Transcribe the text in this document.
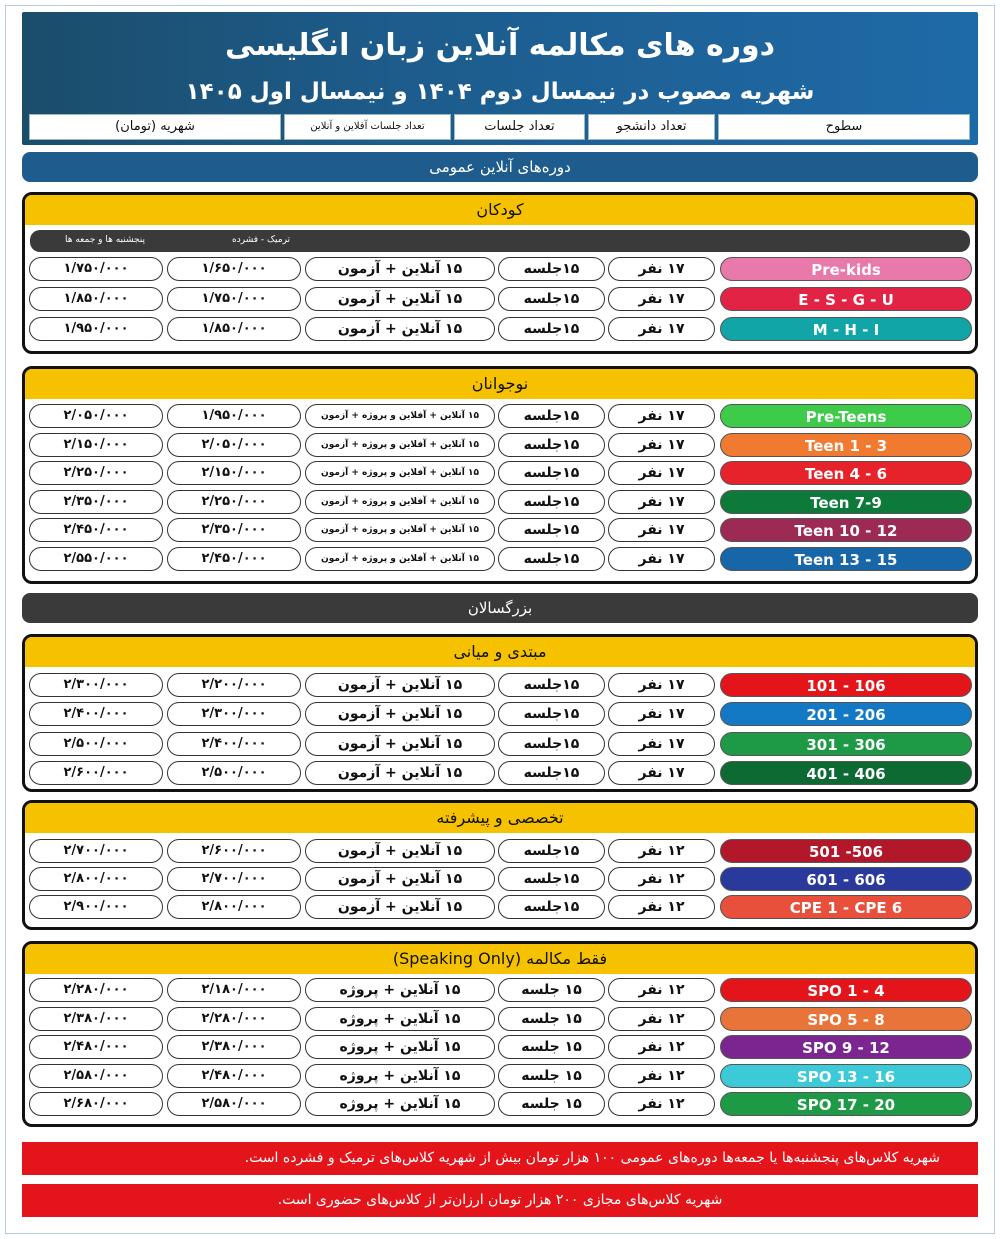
دوره های مکالمه آنلاین زبان انگلیسی
شهریه مصوب در نیمسال دوم ۱۴۰۴ و نیمسال اول ۱۴۰۵
سطوح
تعداد دانشجو
تعداد جلسات
تعداد جلسات آفلاین و آنلاین
شهریه (تومان)
دوره‌های آنلاین عمومی
کودکان
ترمیک - فشرده
پنجشنبه ها و جمعه ها
نوجوانان
بزرگسالان
مبتدی و میانی
تخصصی و پیشرفته
فقط مکالمه (Speaking Only)
Pre-kids
۱۷ نفر
۱۵جلسه
۱۵ آنلاین + آزمون
۱/۶۵۰/۰۰۰
۱/۷۵۰/۰۰۰
E - S - G - U
۱۷ نفر
۱۵جلسه
۱۵ آنلاین + آزمون
۱/۷۵۰/۰۰۰
۱/۸۵۰/۰۰۰
M - H - I
۱۷ نفر
۱۵جلسه
۱۵ آنلاین + آزمون
۱/۸۵۰/۰۰۰
۱/۹۵۰/۰۰۰
Pre-Teens
۱۷ نفر
۱۵جلسه
۱۵ آنلاین + آفلاین و پروژه + آزمون
۱/۹۵۰/۰۰۰
۲/۰۵۰/۰۰۰
Teen 1 - 3
۱۷ نفر
۱۵جلسه
۱۵ آنلاین + آفلاین و پروژه + آزمون
۲/۰۵۰/۰۰۰
۲/۱۵۰/۰۰۰
Teen 4 - 6
۱۷ نفر
۱۵جلسه
۱۵ آنلاین + آفلاین و پروژه + آزمون
۲/۱۵۰/۰۰۰
۲/۲۵۰/۰۰۰
Teen 7-9
۱۷ نفر
۱۵جلسه
۱۵ آنلاین + آفلاین و پروژه + آزمون
۲/۲۵۰/۰۰۰
۲/۳۵۰/۰۰۰
Teen 10 - 12
۱۷ نفر
۱۵جلسه
۱۵ آنلاین + آفلاین و پروژه + آزمون
۲/۳۵۰/۰۰۰
۲/۴۵۰/۰۰۰
Teen 13 - 15
۱۷ نفر
۱۵جلسه
۱۵ آنلاین + آفلاین و پروژه + آزمون
۲/۴۵۰/۰۰۰
۲/۵۵۰/۰۰۰
101 - 106
۱۷ نفر
۱۵جلسه
۱۵ آنلاین + آزمون
۲/۲۰۰/۰۰۰
۲/۳۰۰/۰۰۰
201 - 206
۱۷ نفر
۱۵جلسه
۱۵ آنلاین + آزمون
۲/۳۰۰/۰۰۰
۲/۴۰۰/۰۰۰
301 - 306
۱۷ نفر
۱۵جلسه
۱۵ آنلاین + آزمون
۲/۴۰۰/۰۰۰
۲/۵۰۰/۰۰۰
401 - 406
۱۷ نفر
۱۵جلسه
۱۵ آنلاین + آزمون
۲/۵۰۰/۰۰۰
۲/۶۰۰/۰۰۰
501 -506
۱۲ نفر
۱۵جلسه
۱۵ آنلاین + آزمون
۲/۶۰۰/۰۰۰
۲/۷۰۰/۰۰۰
601 - 606
۱۲ نفر
۱۵جلسه
۱۵ آنلاین + آزمون
۲/۷۰۰/۰۰۰
۲/۸۰۰/۰۰۰
CPE 1 - CPE 6
۱۲ نفر
۱۵جلسه
۱۵ آنلاین + آزمون
۲/۸۰۰/۰۰۰
۲/۹۰۰/۰۰۰
SPO 1 - 4
۱۲ نفر
۱۵ جلسه
۱۵ آنلاین + پروژه
۲/۱۸۰/۰۰۰
۲/۲۸۰/۰۰۰
SPO 5 - 8
۱۲ نفر
۱۵ جلسه
۱۵ آنلاین + پروژه
۲/۲۸۰/۰۰۰
۲/۳۸۰/۰۰۰
SPO 9 - 12
۱۲ نفر
۱۵ جلسه
۱۵ آنلاین + پروژه
۲/۳۸۰/۰۰۰
۲/۴۸۰/۰۰۰
SPO 13 - 16
۱۲ نفر
۱۵ جلسه
۱۵ آنلاین + پروژه
۲/۴۸۰/۰۰۰
۲/۵۸۰/۰۰۰
SPO 17 - 20
۱۲ نفر
۱۵ جلسه
۱۵ آنلاین + پروژه
۲/۵۸۰/۰۰۰
۲/۶۸۰/۰۰۰
شهریه کلاس‌های پنجشنبه‌ها یا جمعه‌ها دوره‌های عمومی ۱۰۰ هزار تومان بیش از شهریه کلاس‌های ترمیک و فشرده است.
شهریه کلاس‌های مجازی ۲۰۰ هزار تومان ارزان‌تر از کلاس‌های حضوری است.
